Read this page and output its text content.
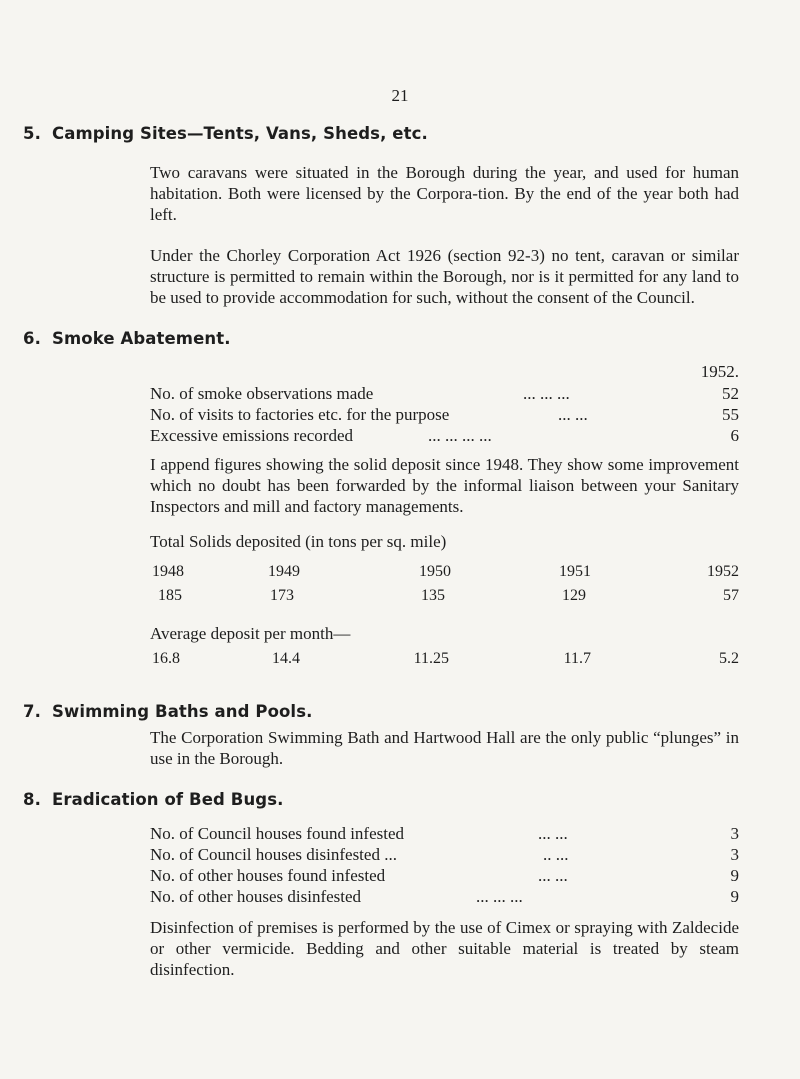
21
5. Camping Sites—Tents, Vans, Sheds, etc.
Two caravans were situated in the Borough during the year, and used for human habitation. Both were licensed by the Corpora-tion. By the end of the year both had left.
Under the Chorley Corporation Act 1926 (section 92-3) no tent, caravan or similar structure is permitted to remain within the Borough, nor is it permitted for any land to be used to provide accommodation for such, without the consent of the Council.
6. Smoke Abatement.
1952.
No. of smoke observations made	... ... ...	52
No. of visits to factories etc. for the purpose	... ...	55
Excessive emissions recorded	... ... ... ...	6
I append figures showing the solid deposit since 1948. They show some improvement which no doubt has been forwarded by the informal liaison between your Sanitary Inspectors and mill and factory managements.
Total Solids deposited (in tons per sq. mile)
1948	1949	1950	1951	1952
185	173	135	129	57
Average deposit per month—
16.8	14.4	11.25	11.7	5.2
7. Swimming Baths and Pools.
The Corporation Swimming Bath and Hartwood Hall are the only public “plunges” in use in the Borough.
8. Eradication of Bed Bugs.
No. of Council houses found infested	... ...	3
No. of Council houses disinfested ...	.. ...	3
No. of other houses found infested	... ...	9
No. of other houses disinfested	... ... ...	9
Disinfection of premises is performed by the use of Cimex or spraying with Zaldecide or other vermicide. Bedding and other suitable material is treated by steam disinfection.
